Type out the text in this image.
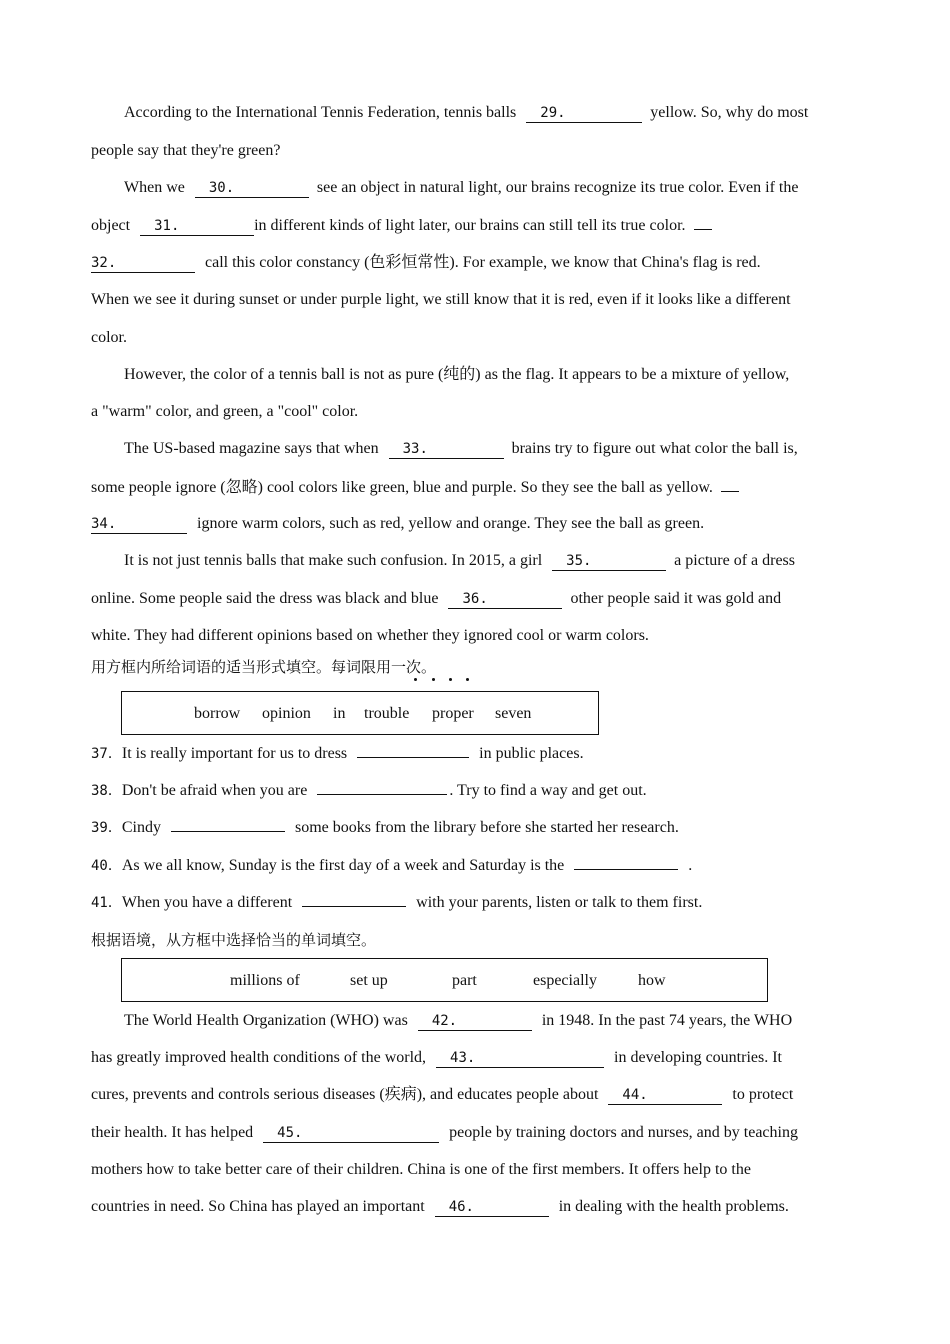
According to the International Tennis Federation, tennis balls 29.	yellow. So, why do most
people say that they're green?
When we 30.	see an object in natural light, our brains recognize its true color. Even if the
object 31.	in different kinds of light later, our brains can still tell its true color.
32.	call this color constancy (色彩恒常性). For example, we know that China's flag is red.
When we see it during sunset or under purple light, we still know that it is red, even if it looks like a different
color.
However, the color of a tennis ball is not as pure (纯的) as the flag. It appears to be a mixture of yellow,
a "warm" color, and green, a "cool" color.
The US-based magazine says that when 33.	brains try to figure out what color the ball is,
some people ignore (忽略) cool colors like green, blue and purple. So they see the ball as yellow.
34.	ignore warm colors, such as red, yellow and orange. They see the ball as green.
It is not just tennis balls that make such confusion. In 2015, a girl 35.	a picture of a dress
online. Some people said the dress was black and blue 36.	other people said it was gold and
white. They had different opinions based on whether they ignored cool or warm colors.
用方框内所给词语的适当形式填空。每词限用一次。
borrow opinion in trouble proper seven
37．It is really important for us to dress	in public places.
38．Don't be afraid when you are	. Try to find a way and get out.
39．Cindy	some books from the library before she started her research.
40．As we all know, Sunday is the first day of a week and Saturday is the	.
41．When you have a different	with your parents, listen or talk to them first.
根据语境，从方框中选择恰当的单词填空。
millions of	set up	part	especially	how
The World Health Organization (WHO) was 42.	in 1948. In the past 74 years, the WHO
has greatly improved health conditions of the world, 43.	in developing countries. It
cures, prevents and controls serious diseases (疾病), and educates people about 44.	to protect
their health. It has helped 45.	people by training doctors and nurses, and by teaching
mothers how to take better care of their children. China is one of the first members. It offers help to the
countries in need. So China has played an important 46.	in dealing with the health problems.
